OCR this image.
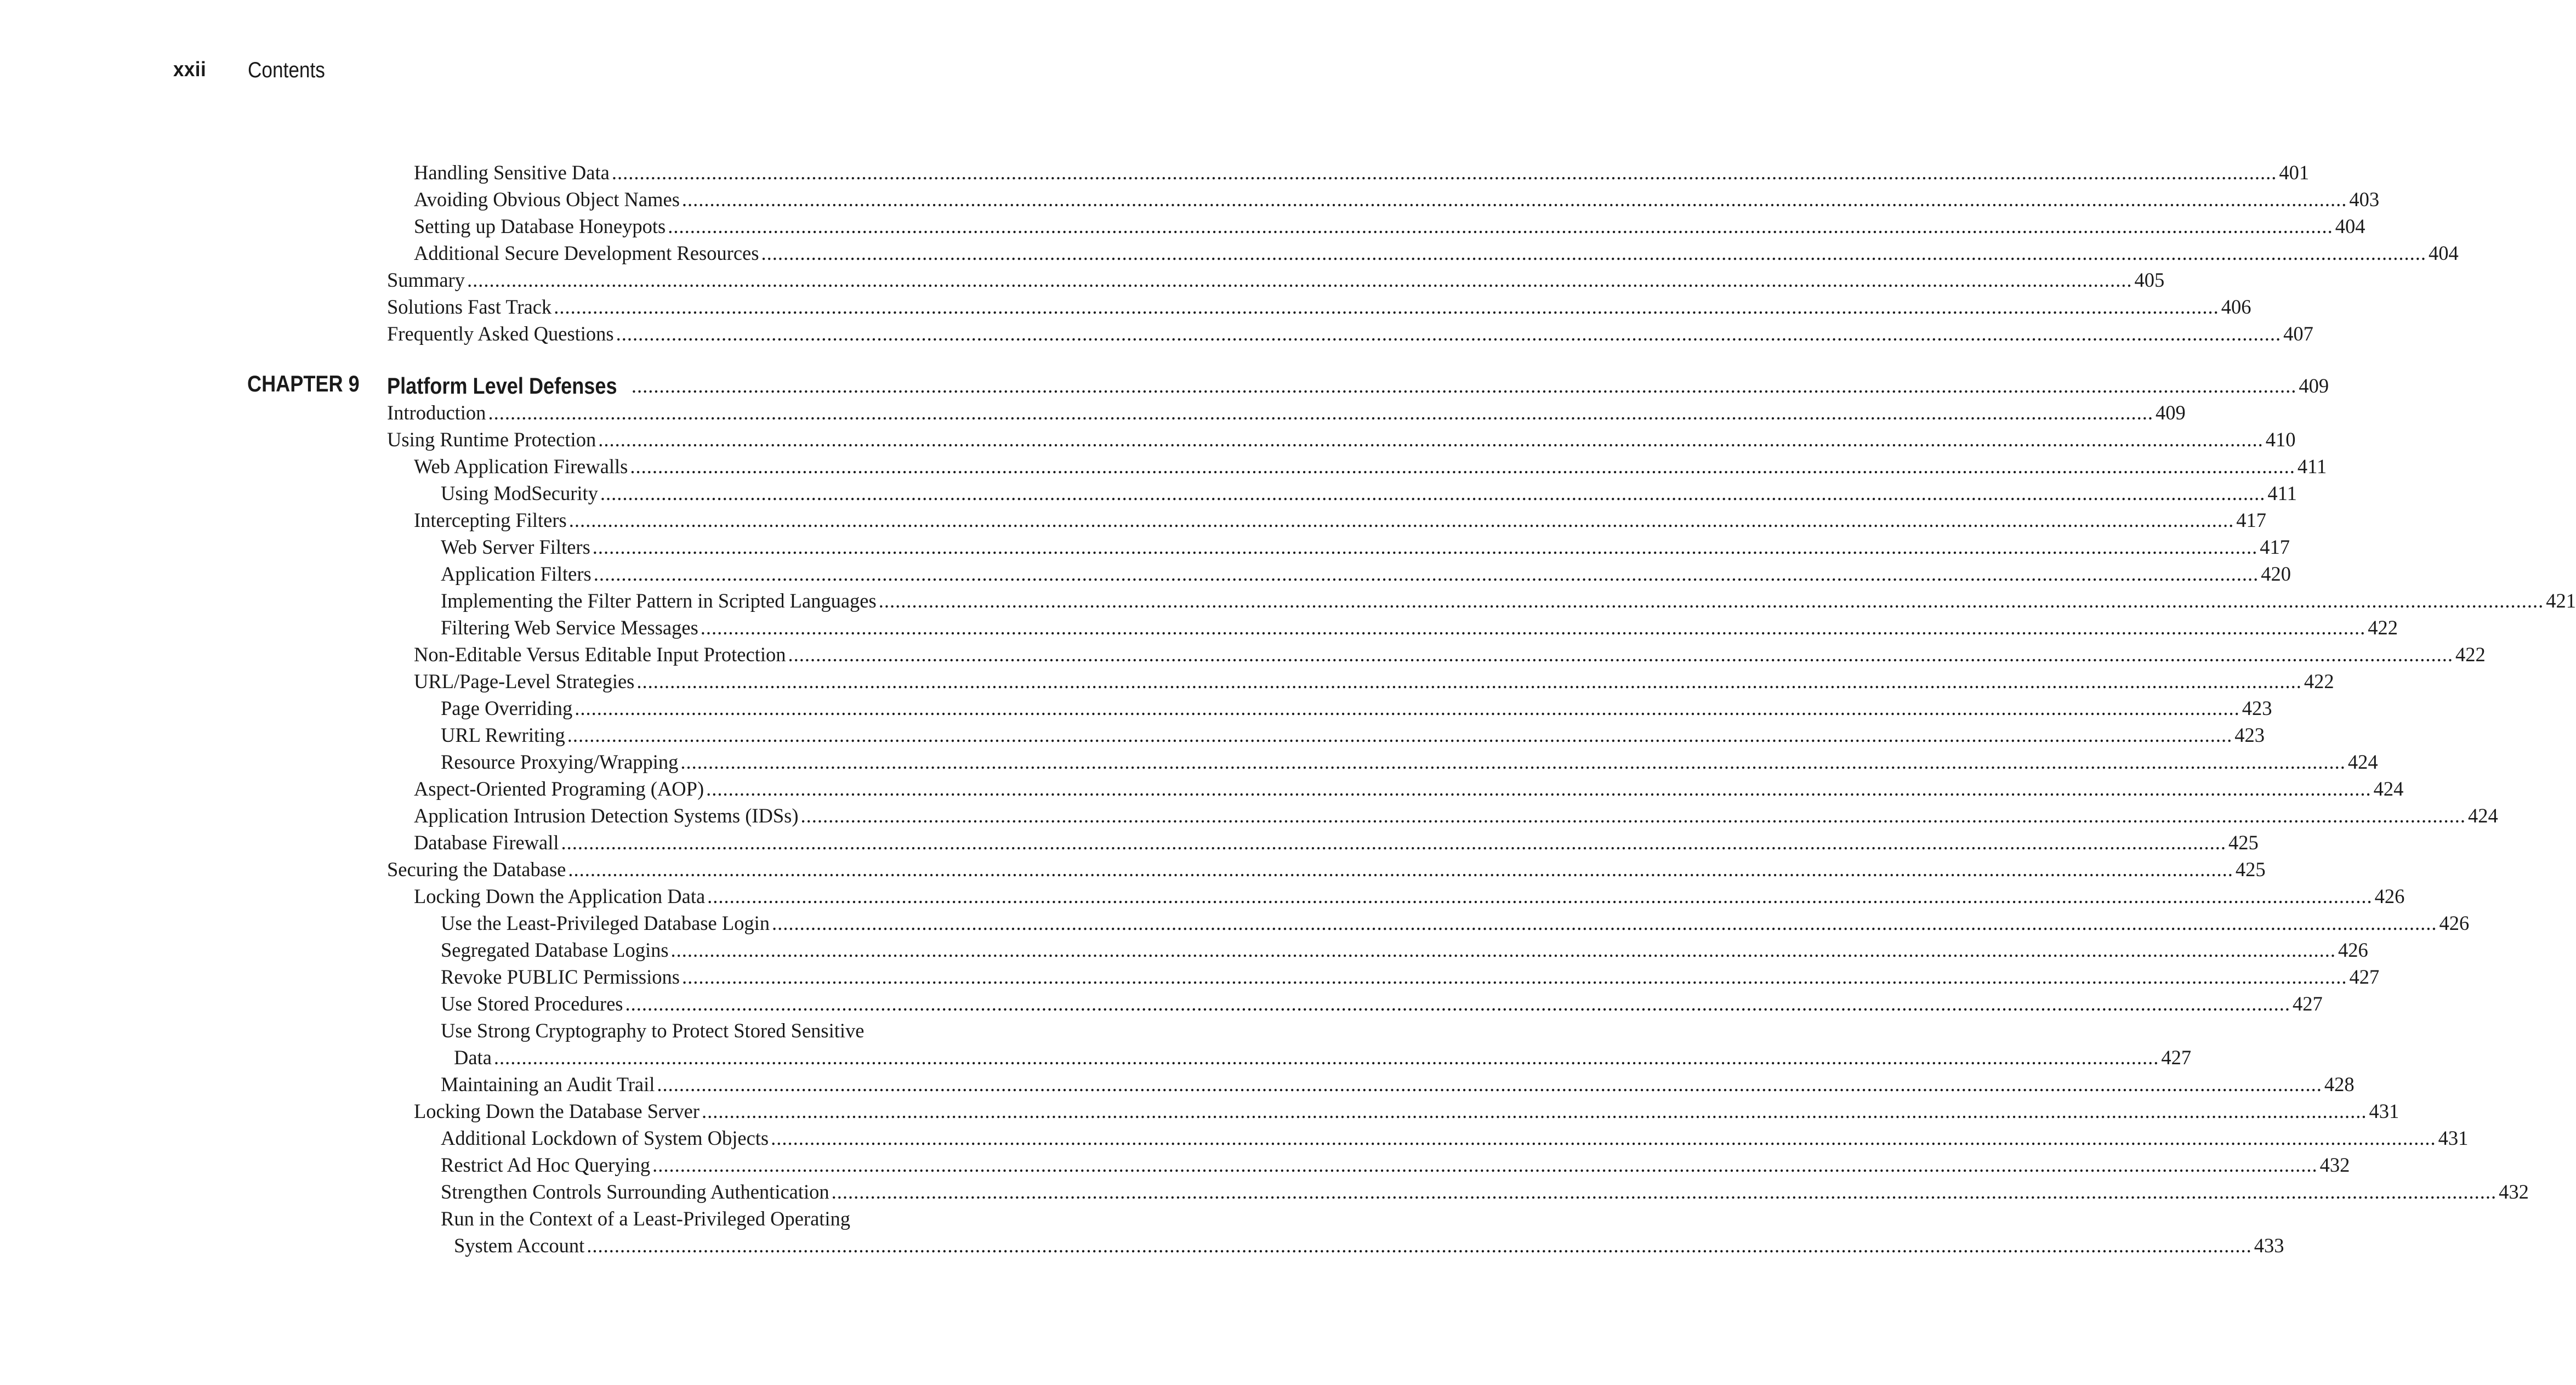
xxii Contents
CHAPTER 9
Handling Sensitive Data ............................................................................................................................................................................................................................................................................................................ 401
Avoiding Obvious Object Names ............................................................................................................................................................................................................................................................................................................ 403
Setting up Database Honeypots ............................................................................................................................................................................................................................................................................................................ 404
Additional Secure Development Resources ............................................................................................................................................................................................................................................................................................................ 404
Summary ............................................................................................................................................................................................................................................................................................................ 405
Solutions Fast Track ............................................................................................................................................................................................................................................................................................................ 406
Frequently Asked Questions ............................................................................................................................................................................................................................................................................................................ 407
Platform Level Defenses ............................................................................................................................................................................................................................................................................................................ 409
Introduction ............................................................................................................................................................................................................................................................................................................ 409
Using Runtime Protection ............................................................................................................................................................................................................................................................................................................ 410
Web Application Firewalls ............................................................................................................................................................................................................................................................................................................ 411
Using ModSecurity ............................................................................................................................................................................................................................................................................................................ 411
Intercepting Filters ............................................................................................................................................................................................................................................................................................................ 417
Web Server Filters ............................................................................................................................................................................................................................................................................................................ 417
Application Filters ............................................................................................................................................................................................................................................................................................................ 420
Implementing the Filter Pattern in Scripted Languages ............................................................................................................................................................................................................................................................................................................ 421
Filtering Web Service Messages ............................................................................................................................................................................................................................................................................................................ 422
Non-Editable Versus Editable Input Protection ............................................................................................................................................................................................................................................................................................................ 422
URL/Page-Level Strategies ............................................................................................................................................................................................................................................................................................................ 422
Page Overriding ............................................................................................................................................................................................................................................................................................................ 423
URL Rewriting ............................................................................................................................................................................................................................................................................................................ 423
Resource Proxying/Wrapping ............................................................................................................................................................................................................................................................................................................ 424
Aspect-Oriented Programing (AOP) ............................................................................................................................................................................................................................................................................................................ 424
Application Intrusion Detection Systems (IDSs) ............................................................................................................................................................................................................................................................................................................ 424
Database Firewall ............................................................................................................................................................................................................................................................................................................ 425
Securing the Database ............................................................................................................................................................................................................................................................................................................ 425
Locking Down the Application Data ............................................................................................................................................................................................................................................................................................................ 426
Use the Least-Privileged Database Login ............................................................................................................................................................................................................................................................................................................ 426
Segregated Database Logins ............................................................................................................................................................................................................................................................................................................ 426
Revoke PUBLIC Permissions ............................................................................................................................................................................................................................................................................................................ 427
Use Stored Procedures ............................................................................................................................................................................................................................................................................................................ 427
Use Strong Cryptography to Protect Stored Sensitive
Data ............................................................................................................................................................................................................................................................................................................ 427
Maintaining an Audit Trail ............................................................................................................................................................................................................................................................................................................ 428
Locking Down the Database Server ............................................................................................................................................................................................................................................................................................................ 431
Additional Lockdown of System Objects ............................................................................................................................................................................................................................................................................................................ 431
Restrict Ad Hoc Querying ............................................................................................................................................................................................................................................................................................................ 432
Strengthen Controls Surrounding Authentication ............................................................................................................................................................................................................................................................................................................ 432
Run in the Context of a Least-Privileged Operating
System Account ............................................................................................................................................................................................................................................................................................................ 433
